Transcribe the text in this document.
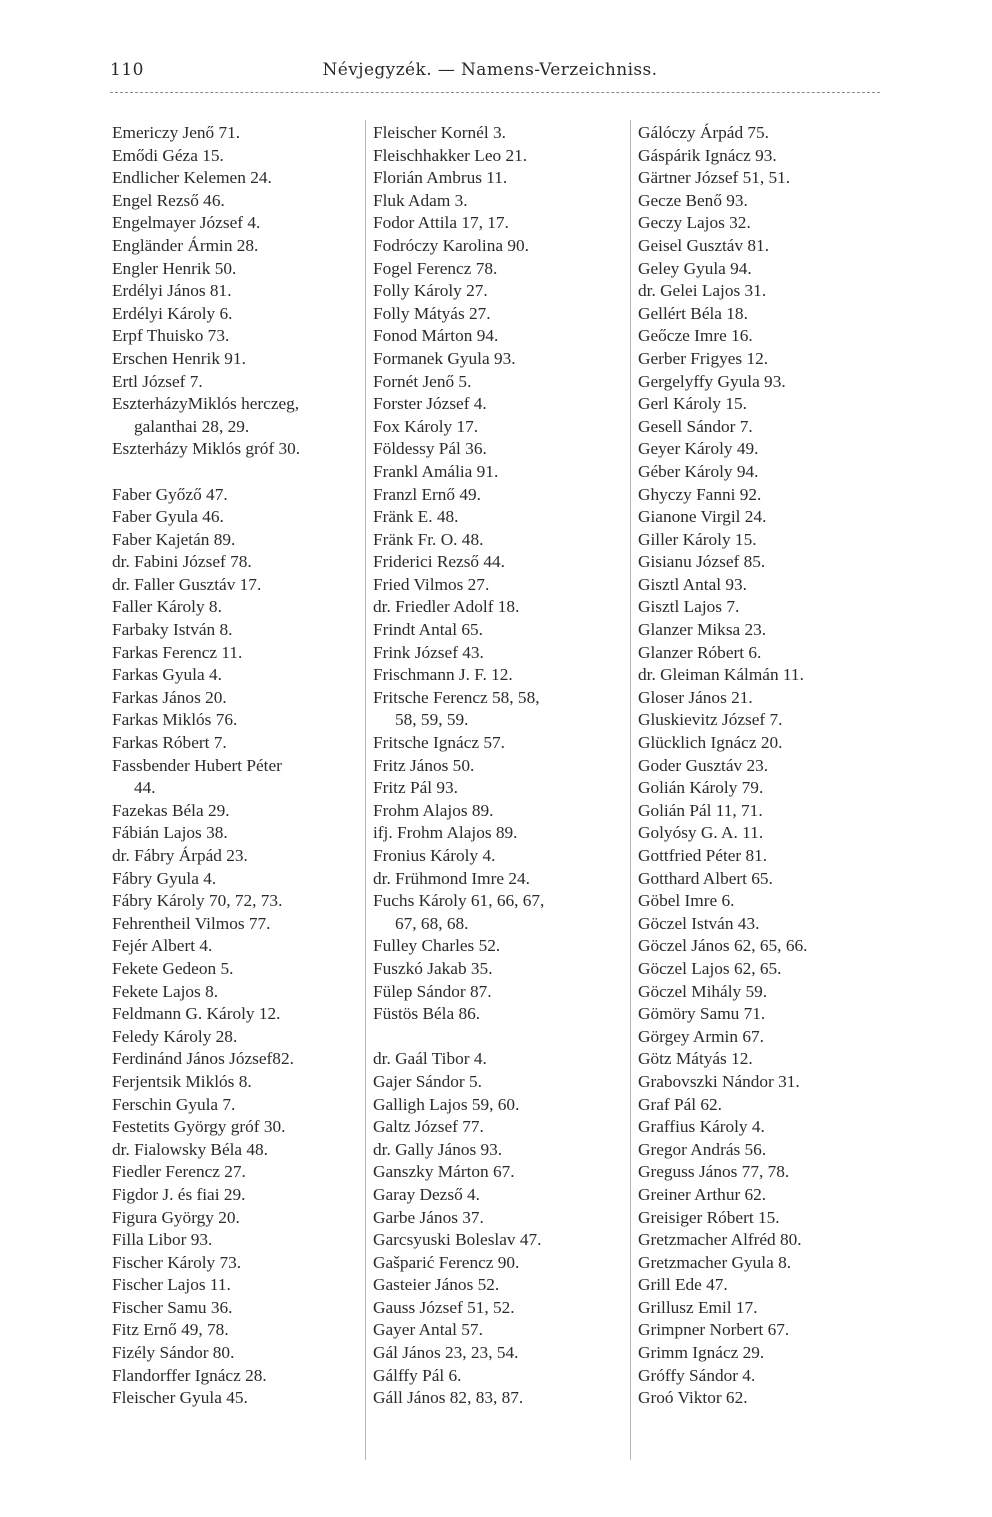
110	Névjegyzék. — Namens-Verzeichniss.
Emericzy Jenő 71.
Emődi Géza 15.
Endlicher Kelemen 24.
Engel Rezső 46.
Engelmayer József 4.
Engländer Ármin 28.
Engler Henrik 50.
Erdélyi János 81.
Erdélyi Károly 6.
Erpf Thuisko 73.
Erschen Henrik 91.
Ertl József 7.
EszterházyMiklós herczeg,
galanthai 28, 29.
Eszterházy Miklós gróf 30.
Faber Győző 47.
Faber Gyula 46.
Faber Kajetán 89.
dr. Fabini József 78.
dr. Faller Gusztáv 17.
Faller Károly 8.
Farbaky István 8.
Farkas Ferencz 11.
Farkas Gyula 4.
Farkas János 20.
Farkas Miklós 76.
Farkas Róbert 7.
Fassbender Hubert Péter
44.
Fazekas Béla 29.
Fábián Lajos 38.
dr. Fábry Árpád 23.
Fábry Gyula 4.
Fábry Károly 70, 72, 73.
Fehrentheil Vilmos 77.
Fejér Albert 4.
Fekete Gedeon 5.
Fekete Lajos 8.
Feldmann G. Károly 12.
Feledy Károly 28.
Ferdinánd János József82.
Ferjentsik Miklós 8.
Ferschin Gyula 7.
Festetits György gróf 30.
dr. Fialowsky Béla 48.
Fiedler Ferencz 27.
Figdor J. és fiai 29.
Figura György 20.
Filla Libor 93.
Fischer Károly 73.
Fischer Lajos 11.
Fischer Samu 36.
Fitz Ernő 49, 78.
Fizély Sándor 80.
Flandorffer Ignácz 28.
Fleischer Gyula 45.
Fleischer Kornél 3.
Fleischhakker Leo 21.
Florián Ambrus 11.
Fluk Adam 3.
Fodor Attila 17, 17.
Fodróczy Karolina 90.
Fogel Ferencz 78.
Folly Károly 27.
Folly Mátyás 27.
Fonod Márton 94.
Formanek Gyula 93.
Fornét Jenő 5.
Forster József 4.
Fox Károly 17.
Földessy Pál 36.
Frankl Amália 91.
Franzl Ernő 49.
Fränk E. 48.
Fränk Fr. O. 48.
Friderici Rezső 44.
Fried Vilmos 27.
dr. Friedler Adolf 18.
Frindt Antal 65.
Frink József 43.
Frischmann J. F. 12.
Fritsche Ferencz 58, 58,
58, 59, 59.
Fritsche Ignácz 57.
Fritz János 50.
Fritz Pál 93.
Frohm Alajos 89.
ifj. Frohm Alajos 89.
Fronius Károly 4.
dr. Frühmond Imre 24.
Fuchs Károly 61, 66, 67,
67, 68, 68.
Fulley Charles 52.
Fuszkó Jakab 35.
Fülep Sándor 87.
Füstös Béla 86.
dr. Gaál Tibor 4.
Gajer Sándor 5.
Galligh Lajos 59, 60.
Galtz József 77.
dr. Gally János 93.
Ganszky Márton 67.
Garay Dezső 4.
Garbe János 37.
Garcsyuski Boleslav 47.
Gašparić Ferencz 90.
Gasteier János 52.
Gauss József 51, 52.
Gayer Antal 57.
Gál János 23, 23, 54.
Gálffy Pál 6.
Gáll János 82, 83, 87.
Gálóczy Árpád 75.
Gáspárik Ignácz 93.
Gärtner József 51, 51.
Gecze Benő 93.
Geczy Lajos 32.
Geisel Gusztáv 81.
Geley Gyula 94.
dr. Gelei Lajos 31.
Gellért Béla 18.
Geőcze Imre 16.
Gerber Frigyes 12.
Gergelyffy Gyula 93.
Gerl Károly 15.
Gesell Sándor 7.
Geyer Károly 49.
Géber Károly 94.
Ghyczy Fanni 92.
Gianone Virgil 24.
Giller Károly 15.
Gisianu József 85.
Gisztl Antal 93.
Gisztl Lajos 7.
Glanzer Miksa 23.
Glanzer Róbert 6.
dr. Gleiman Kálmán 11.
Gloser János 21.
Gluskievitz József 7.
Glücklich Ignácz 20.
Goder Gusztáv 23.
Golián Károly 79.
Golián Pál 11, 71.
Golyósy G. A. 11.
Gottfried Péter 81.
Gotthard Albert 65.
Göbel Imre 6.
Göczel István 43.
Göczel János 62, 65, 66.
Göczel Lajos 62, 65.
Göczel Mihály 59.
Gömöry Samu 71.
Görgey Armin 67.
Götz Mátyás 12.
Grabovszki Nándor 31.
Graf Pál 62.
Graffius Károly 4.
Gregor András 56.
Greguss János 77, 78.
Greiner Arthur 62.
Greisiger Róbert 15.
Gretzmacher Alfréd 80.
Gretzmacher Gyula 8.
Grill Ede 47.
Grillusz Emil 17.
Grimpner Norbert 67.
Grimm Ignácz 29.
Gróffy Sándor 4.
Groó Viktor 62.
